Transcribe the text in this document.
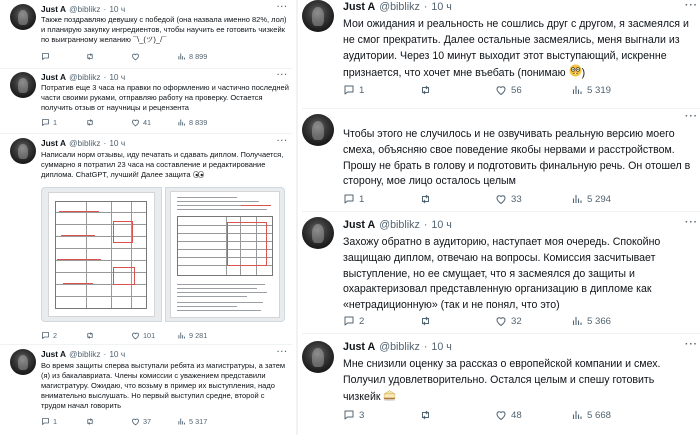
Just A @biblikz · 10 ч	···

Также поздравляю девушку с победой (она назвала именно 82%, лол)

и планирую закупку ингредиентов, чтобы научить ее готовить чизкейк

по выигранному желанию ¯\_(ツ)_/¯

8 899
Just A @biblikz · 10 ч	···

Потратив еще 3 часа на правки по оформлению и частично последней

части своими руками, отправляю работу на проверку. Остается

получить отзыв от научницы и рецензента

1	41	8 839
Just A @biblikz · 10 ч	···

Написали норм отзывы, иду печатать и сдавать диплом. Получается,

суммарно я потратил 23 часа на составление и редактирование

диплома. ChatGPT, лучший! Далее защита

2	101	9 281
Just A @biblikz · 10 ч	···

Во время защиты сперва выступали ребята из магистратуры, а затем

(я) из бакалавриата. Члены комиссии с уважением представили

магистратуру. Ожидаю, что возьму в пример их выступления, надо

внимательно выслушать. Но первый выступил средне, второй с

трудом начал говорить

1	37	5 317
Just A @biblikz · 10 ч	···

Мои ожидания и реальность не сошлись друг с другом, я засмеялся и

не смог прекратить. Далее остальные засмеялись, меня выгнали из

аудитории. Через 10 минут выходит этот выступающий, искренне

признается, что хочет мне въебать (понимаю )

1	56	5 319
···

Чтобы этого не случилось и не озвучивать реальную версию моего

смеха, объясняю свое поведение якобы нервами и расстройством.

Прошу не брать в голову и подготовить финальную речь. Он отошел в

сторону, мое лицо осталось целым

1	33	5 294
Just A @biblikz · 10 ч	···

Захожу обратно в аудиторию, наступает моя очередь. Спокойно

защищаю диплом, отвечаю на вопросы. Комиссия засчитывает

выступление, но ее смущает, что я засмеялся до защиты и

охарактеризовал представленную организацию в дипломе как

«нетрадиционную» (так и не понял, что это)

2	32	5 366
Just A @biblikz · 10 ч	···

Мне снизили оценку за рассказ о европейской компании и смех.

Получил удовлетворительно. Остался целым и спешу готовить

чизкейк

3	48	5 668
